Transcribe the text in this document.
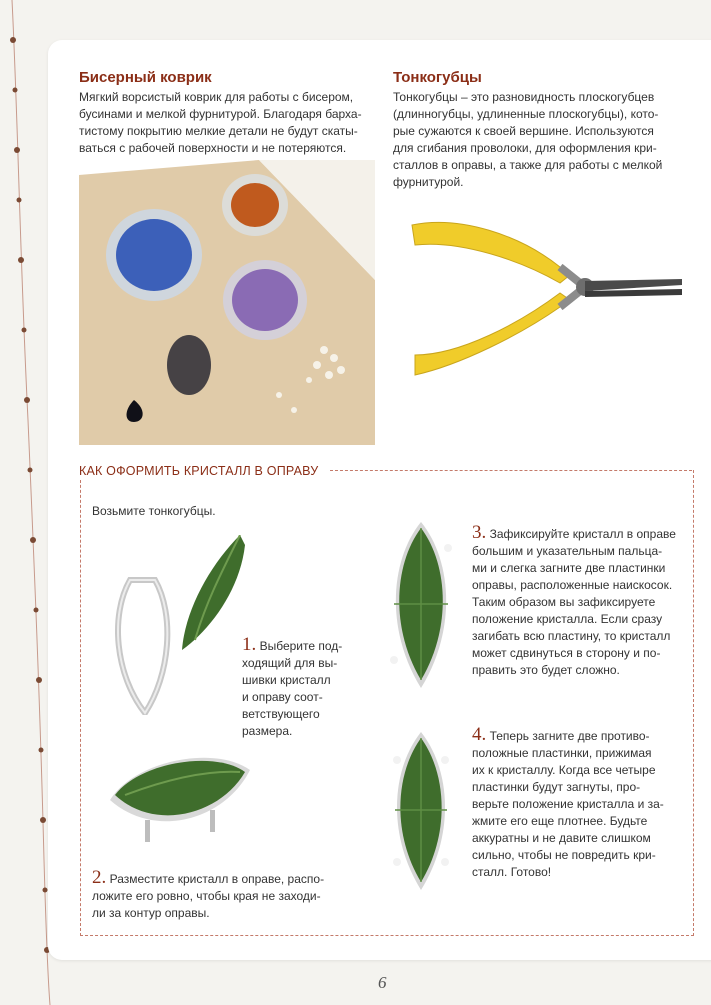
Бисерный коврик
Мягкий ворсистый коврик для работы с бисером,
бусинами и мелкой фурнитурой. Благодаря барха-
тистому покрытию мелкие детали не будут скаты-
ваться с рабочей поверхности и не потеряются.
Тонкогубцы
Тонкогубцы – это разновидность плоскогубцев
(длинногубцы, удлиненные плоскогубцы), кото-
рые сужаются к своей вершине. Используются
для сгибания проволоки, для оформления кри-
сталлов в оправы, а также для работы с мелкой
фурнитурой.
КАК ОФОРМИТЬ КРИСТАЛЛ В ОПРАВУ
Возьмите тонкогубцы.
1. Выберите под-
ходящий для вы-
шивки кристалл
и оправу соот-
ветствующего
размера.
2. Разместите кристалл в оправе, распо-
ложите его ровно, чтобы края не заходи-
ли за контур оправы.
3. Зафиксируйте кристалл в оправе
большим и указательным пальца-
ми и слегка загните две пластинки
оправы, расположенные наискосок.
Таким образом вы зафиксируете
положение кристалла. Если сразу
загибать всю пластину, то кристалл
может сдвинуться в сторону и по-
править это будет сложно.
4. Теперь загните две противо-
положные пластинки, прижимая
их к кристаллу. Когда все четыре
пластинки будут загнуты, про-
верьте положение кристалла и за-
жмите его еще плотнее. Будьте
аккуратны и не давите слишком
сильно, чтобы не повредить кри-
сталл. Готово!
6
